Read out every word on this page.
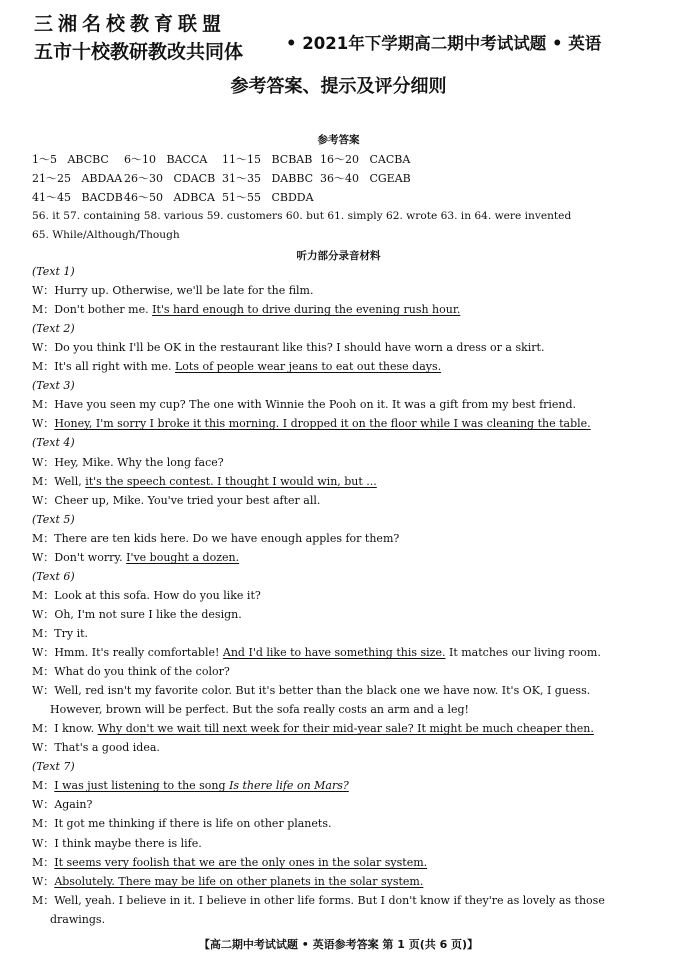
三湘名校教育联盟
五市十校教研教改共同体	• 2021年下学期高二期中考试试题 • 英语
参考答案、提示及评分细则
参考答案
1～5   ABCBC 6～10   BACCA 11～15   BCBAB 16～20   CACBA
21～25   ABDAA 26～30   CDACB 31～35   DABBC 36～40   CGEAB
41～45   BACDB 46～50   ADBCA 51～55   CBDDA
56. it 57. containing 58. various 59. customers 60. but 61. simply 62. wrote 63. in 64. were invented
65. While/Although/Though
听力部分录音材料
(Text 1)
W：Hurry up. Otherwise, we'll be late for the film.
M：Don't bother me. It's hard enough to drive during the evening rush hour.
(Text 2)
W：Do you think I'll be OK in the restaurant like this? I should have worn a dress or a skirt.
M：It's all right with me. Lots of people wear jeans to eat out these days.
(Text 3)
M：Have you seen my cup? The one with Winnie the Pooh on it. It was a gift from my best friend.
W：Honey, I'm sorry I broke it this morning. I dropped it on the floor while I was cleaning the table.
(Text 4)
W：Hey, Mike. Why the long face?
M：Well, it's the speech contest. I thought I would win, but ...
W：Cheer up, Mike. You've tried your best after all.
(Text 5)
M：There are ten kids here. Do we have enough apples for them?
W：Don't worry. I've bought a dozen.
(Text 6)
M：Look at this sofa. How do you like it?
W：Oh, I'm not sure I like the design.
M：Try it.
W：Hmm. It's really comfortable! And I'd like to have something this size. It matches our living room.
M：What do you think of the color?
W：Well, red isn't my favorite color. But it's better than the black one we have now. It's OK, I guess.
However, brown will be perfect. But the sofa really costs an arm and a leg!
M：I know. Why don't we wait till next week for their mid-year sale? It might be much cheaper then.
W：That's a good idea.
(Text 7)
M：I was just listening to the song Is there life on Mars?
W：Again?
M：It got me thinking if there is life on other planets.
W：I think maybe there is life.
M：It seems very foolish that we are the only ones in the solar system.
W：Absolutely. There may be life on other planets in the solar system.
M：Well, yeah. I believe in it. I believe in other life forms. But I don't know if they're as lovely as those
drawings.
【高二期中考试试题 • 英语参考答案 第 1 页(共 6 页)】
